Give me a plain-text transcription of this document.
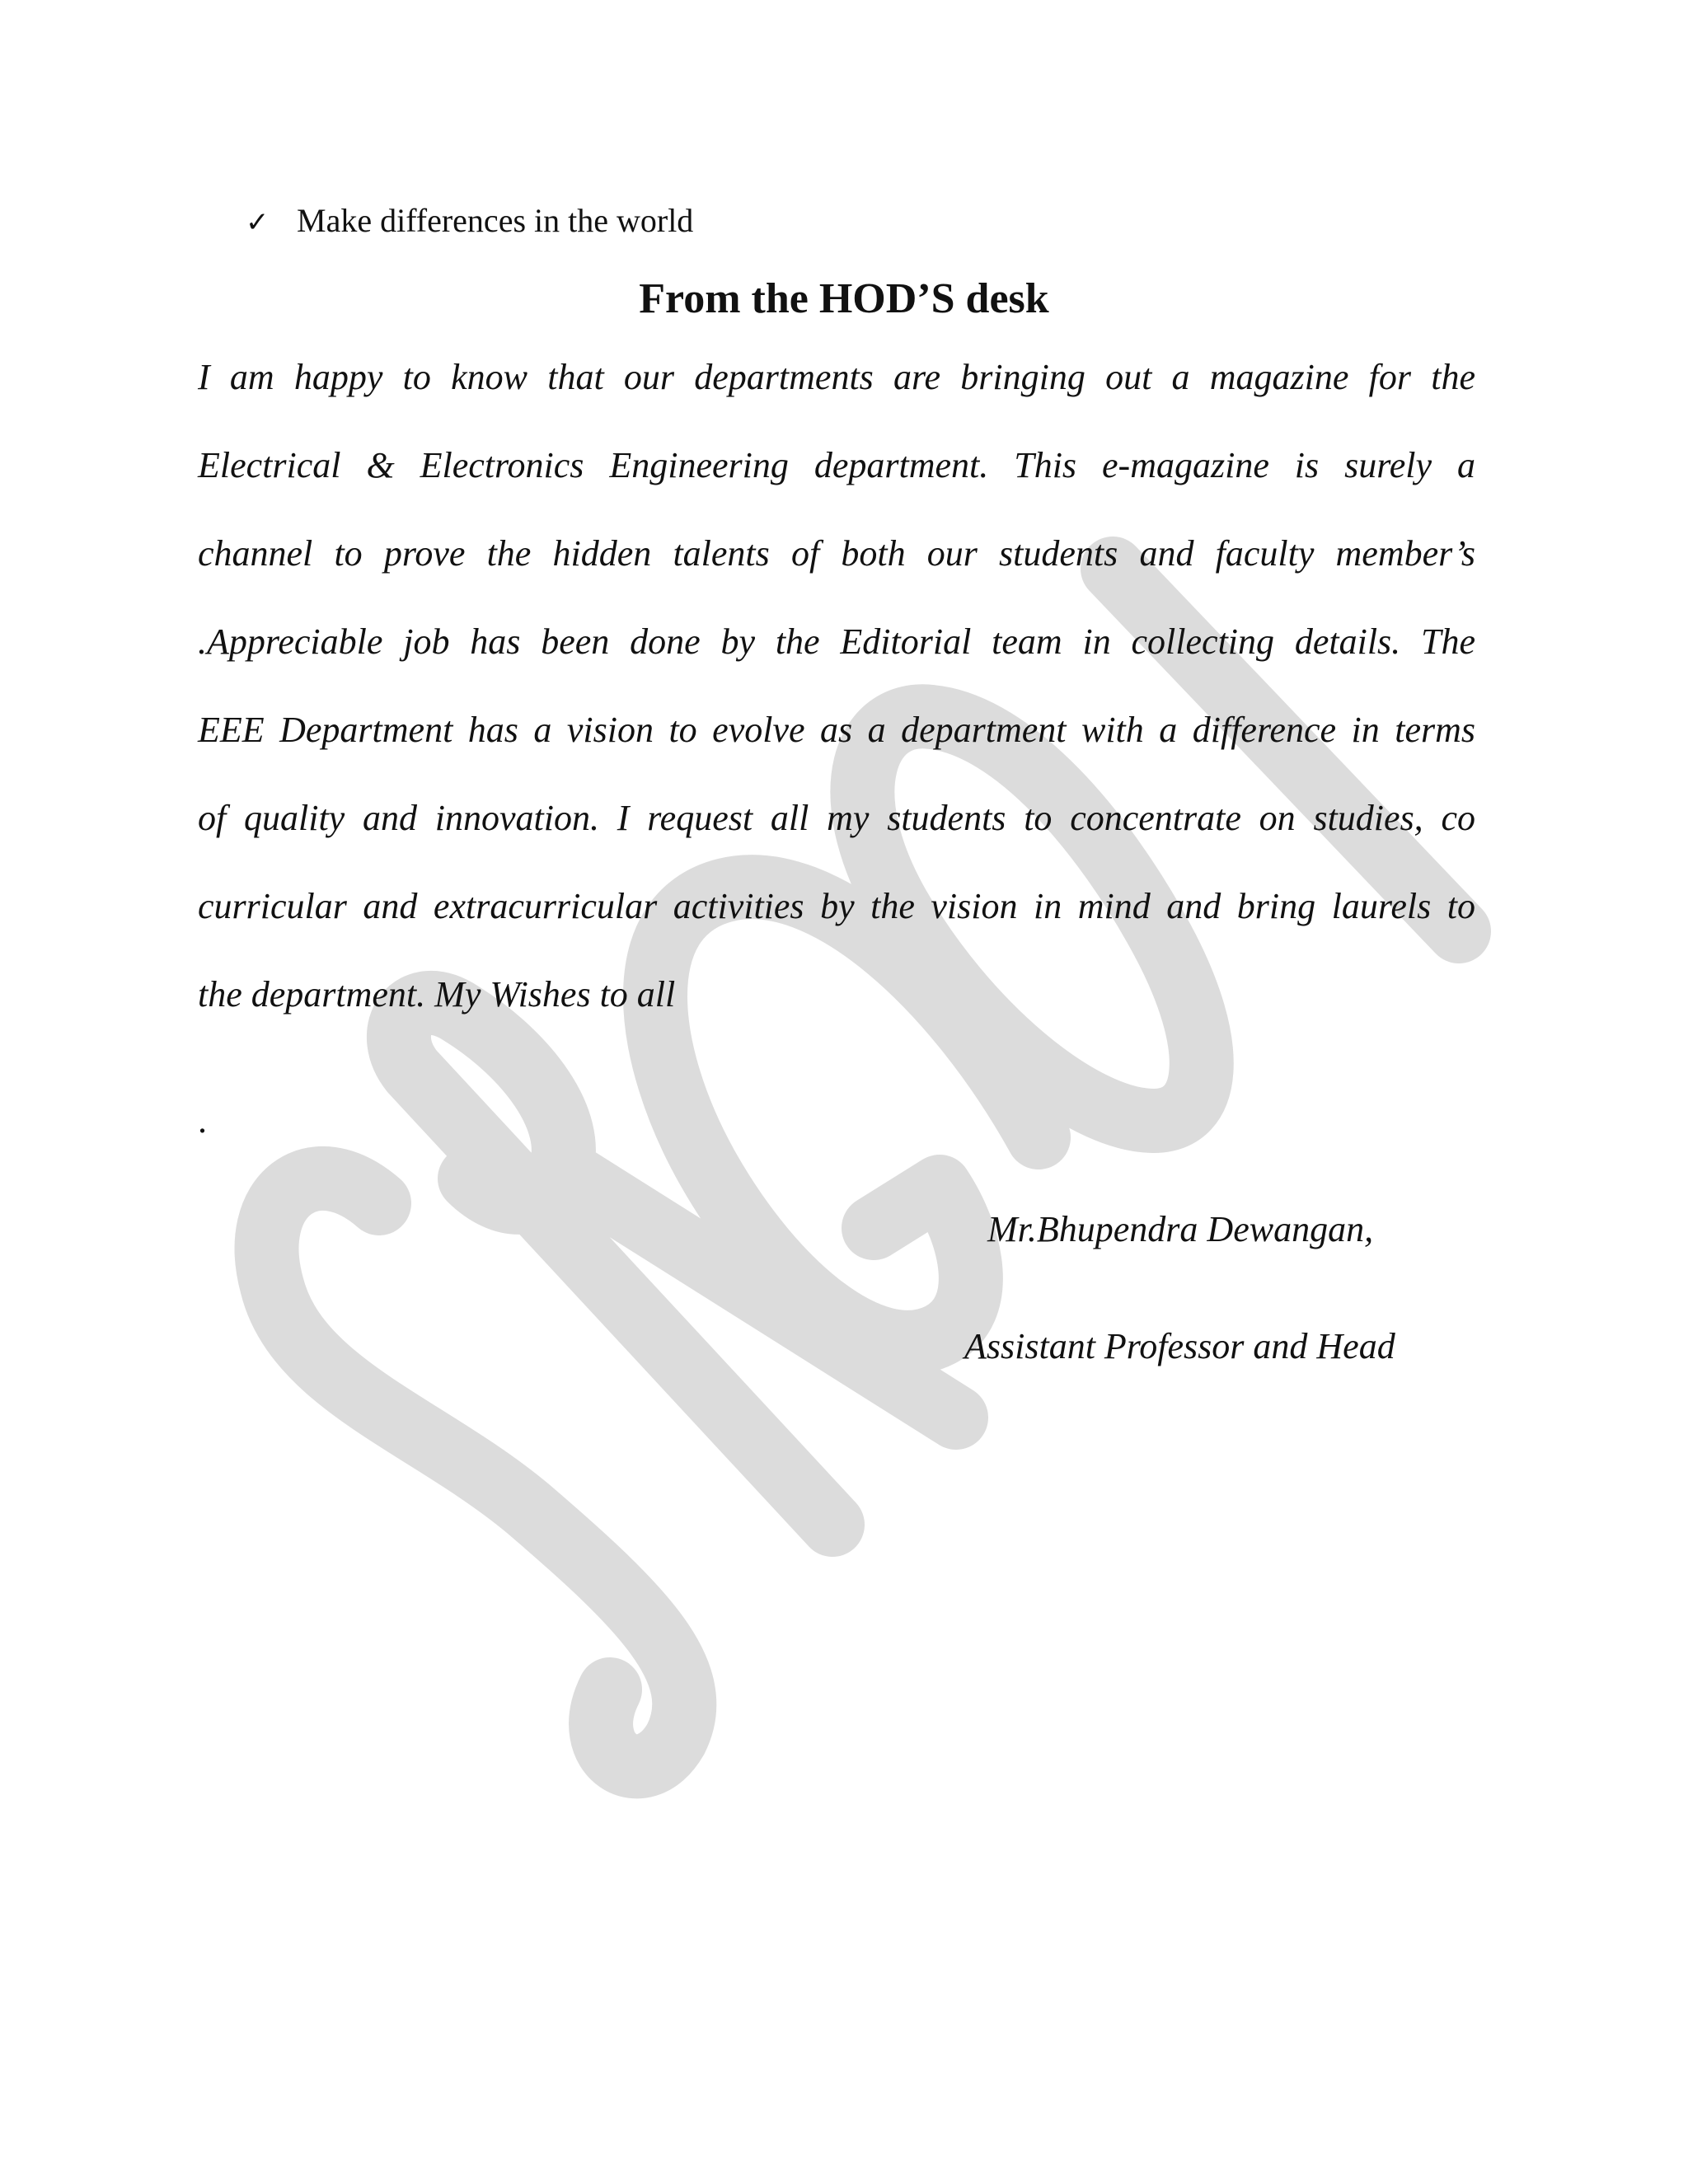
✓ Make differences in the world
From the HOD’S desk
I am happy to know that our departments are bringing out a magazine for the
Electrical & Electronics Engineering department. This e-magazine is surely a
channel to prove the hidden talents of both our students and faculty member’s
.Appreciable job has been done by the Editorial team in collecting details. The
EEE Department has a vision to evolve as a department with a difference in terms
of quality and innovation. I request all my students to concentrate on studies, co
curricular and extracurricular activities by the vision in mind and bring laurels to
the department. My Wishes to all
.
Mr.Bhupendra Dewangan,
Assistant Professor and Head
